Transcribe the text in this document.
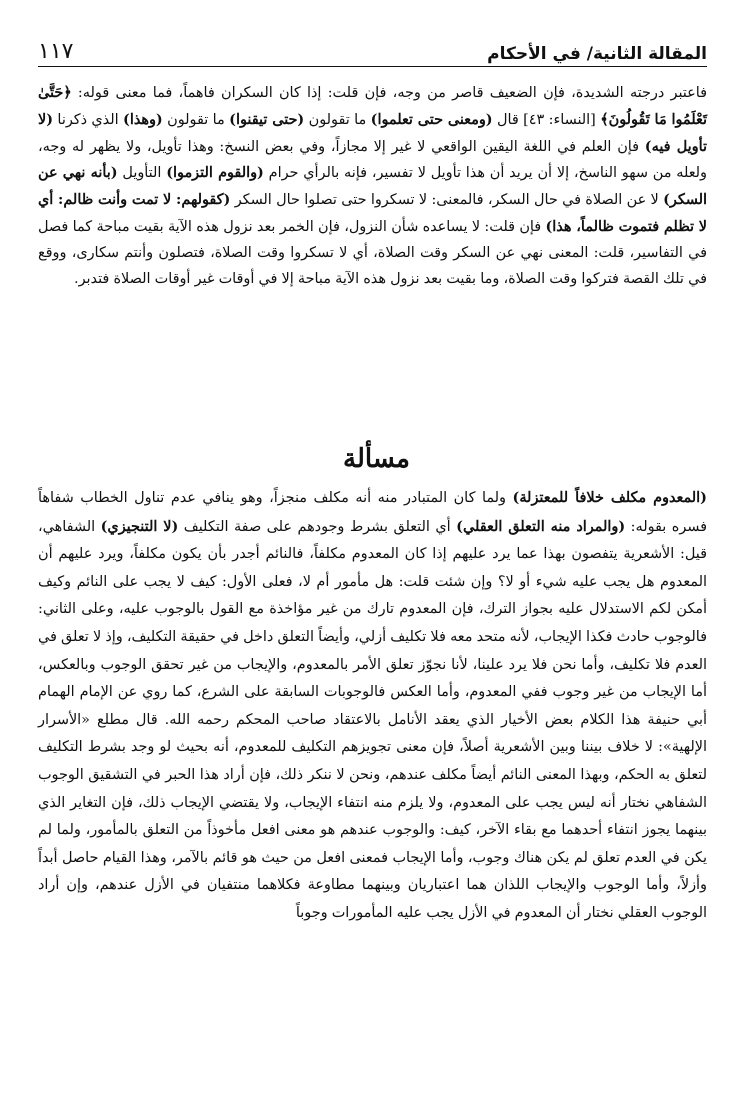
المقالة الثانية/ في الأحكام
١١٧
فاعتبر درجته الشديدة، فإن الضعيف قاصر من وجه، فإن قلت: إذا كان السكران فاهماً، فما معنى قوله: ﴿حَتَّىٰ تَعْلَمُوا مَا تَقُولُونَ﴾ [النساء: ٤٣] قال (ومعنى حتى تعلموا) ما تقولون (حتى تيقنوا) ما تقولون (وهذا) الذي ذكرنا (لا تأويل فيه) فإن العلم في اللغة اليقين الواقعي لا غير إلا مجازاً، وفي بعض النسخ: وهذا تأويل، ولا يظهر له وجه، ولعله من سهو الناسخ، إلا أن يريد أن هذا تأويل لا تفسير، فإنه بالرأي حرام (والقوم التزموا) التأويل (بأنه نهي عن السكر) لا عن الصلاة في حال السكر، فالمعنى: لا تسكروا حتى تصلوا حال السكر (كقولهم: لا تمت وأنت ظالم: أي لا تظلم فتموت ظالماً، هذا) فإن قلت: لا يساعده شأن النزول، فإن الخمر بعد نزول هذه الآية بقيت مباحة كما فصل في التفاسير، قلت: المعنى نهي عن السكر وقت الصلاة، أي لا تسكروا وقت الصلاة، فتصلون وأنتم سكارى، ووقع في تلك القصة فتركوا وقت الصلاة، وما بقيت بعد نزول هذه الآية مباحة إلا في أوقات غير أوقات الصلاة فتدبر.
مسألة
(المعدوم مكلف خلافاً للمعتزلة) ولما كان المتبادر منه أنه مكلف منجزاً، وهو ينافي عدم تناول الخطاب شفاهاً فسره بقوله: (والمراد منه التعلق العقلي) أي التعلق بشرط وجودهم على صفة التكليف (لا التنجيزي) الشفاهي، قيل: الأشعرية يتفصون بهذا عما يرد عليهم إذا كان المعدوم مكلفاً، فالنائم أجدر بأن يكون مكلفاً، ويرد عليهم أن المعدوم هل يجب عليه شيء أو لا؟ وإن شئت قلت: هل مأمور أم لا، فعلى الأول: كيف لا يجب على النائم وكيف أمكن لكم الاستدلال عليه بجواز الترك، فإن المعدوم تارك من غير مؤاخذة مع القول بالوجوب عليه، وعلى الثاني: فالوجوب حادث فكذا الإيجاب، لأنه متحد معه فلا تكليف أزلي، وأيضاً التعلق داخل في حقيقة التكليف، وإذ لا تعلق في العدم فلا تكليف، وأما نحن فلا يرد علينا، لأنا نجوّز تعلق الأمر بالمعدوم، والإيجاب من غير تحقق الوجوب وبالعكس، أما الإيجاب من غير وجوب ففي المعدوم، وأما العكس فالوجوبات السابقة على الشرع، كما روي عن الإمام الهمام أبي حنيفة هذا الكلام بعض الأخيار الذي يعقد الأنامل بالاعتقاد صاحب المحكم رحمه الله. قال مطلع «الأسرار الإلهية»: لا خلاف بيننا وبين الأشعرية أصلاً، فإن معنى تجويزهم التكليف للمعدوم، أنه بحيث لو وجد بشرط التكليف لتعلق به الحكم، وبهذا المعنى النائم أيضاً مكلف عندهم، ونحن لا ننكر ذلك، فإن أراد هذا الحبر في التشقيق الوجوب الشفاهي نختار أنه ليس يجب على المعدوم، ولا يلزم منه انتفاء الإيجاب، ولا يقتضي الإيجاب ذلك، فإن التغاير الذي بينهما يجوز انتفاء أحدهما مع بقاء الآخر، كيف: والوجوب عندهم هو معنى افعل مأخوذاً من التعلق بالمأمور، ولما لم يكن في العدم تعلق لم يكن هناك وجوب، وأما الإيجاب فمعنى افعل من حيث هو قائم بالآمر، وهذا القيام حاصل أبداً وأزلاً، وأما الوجوب والإيجاب اللذان هما اعتباريان وبينهما مطاوعة فكلاهما منتفيان في الأزل عندهم، وإن أراد الوجوب العقلي نختار أن المعدوم في الأزل يجب عليه المأمورات وجوباً
